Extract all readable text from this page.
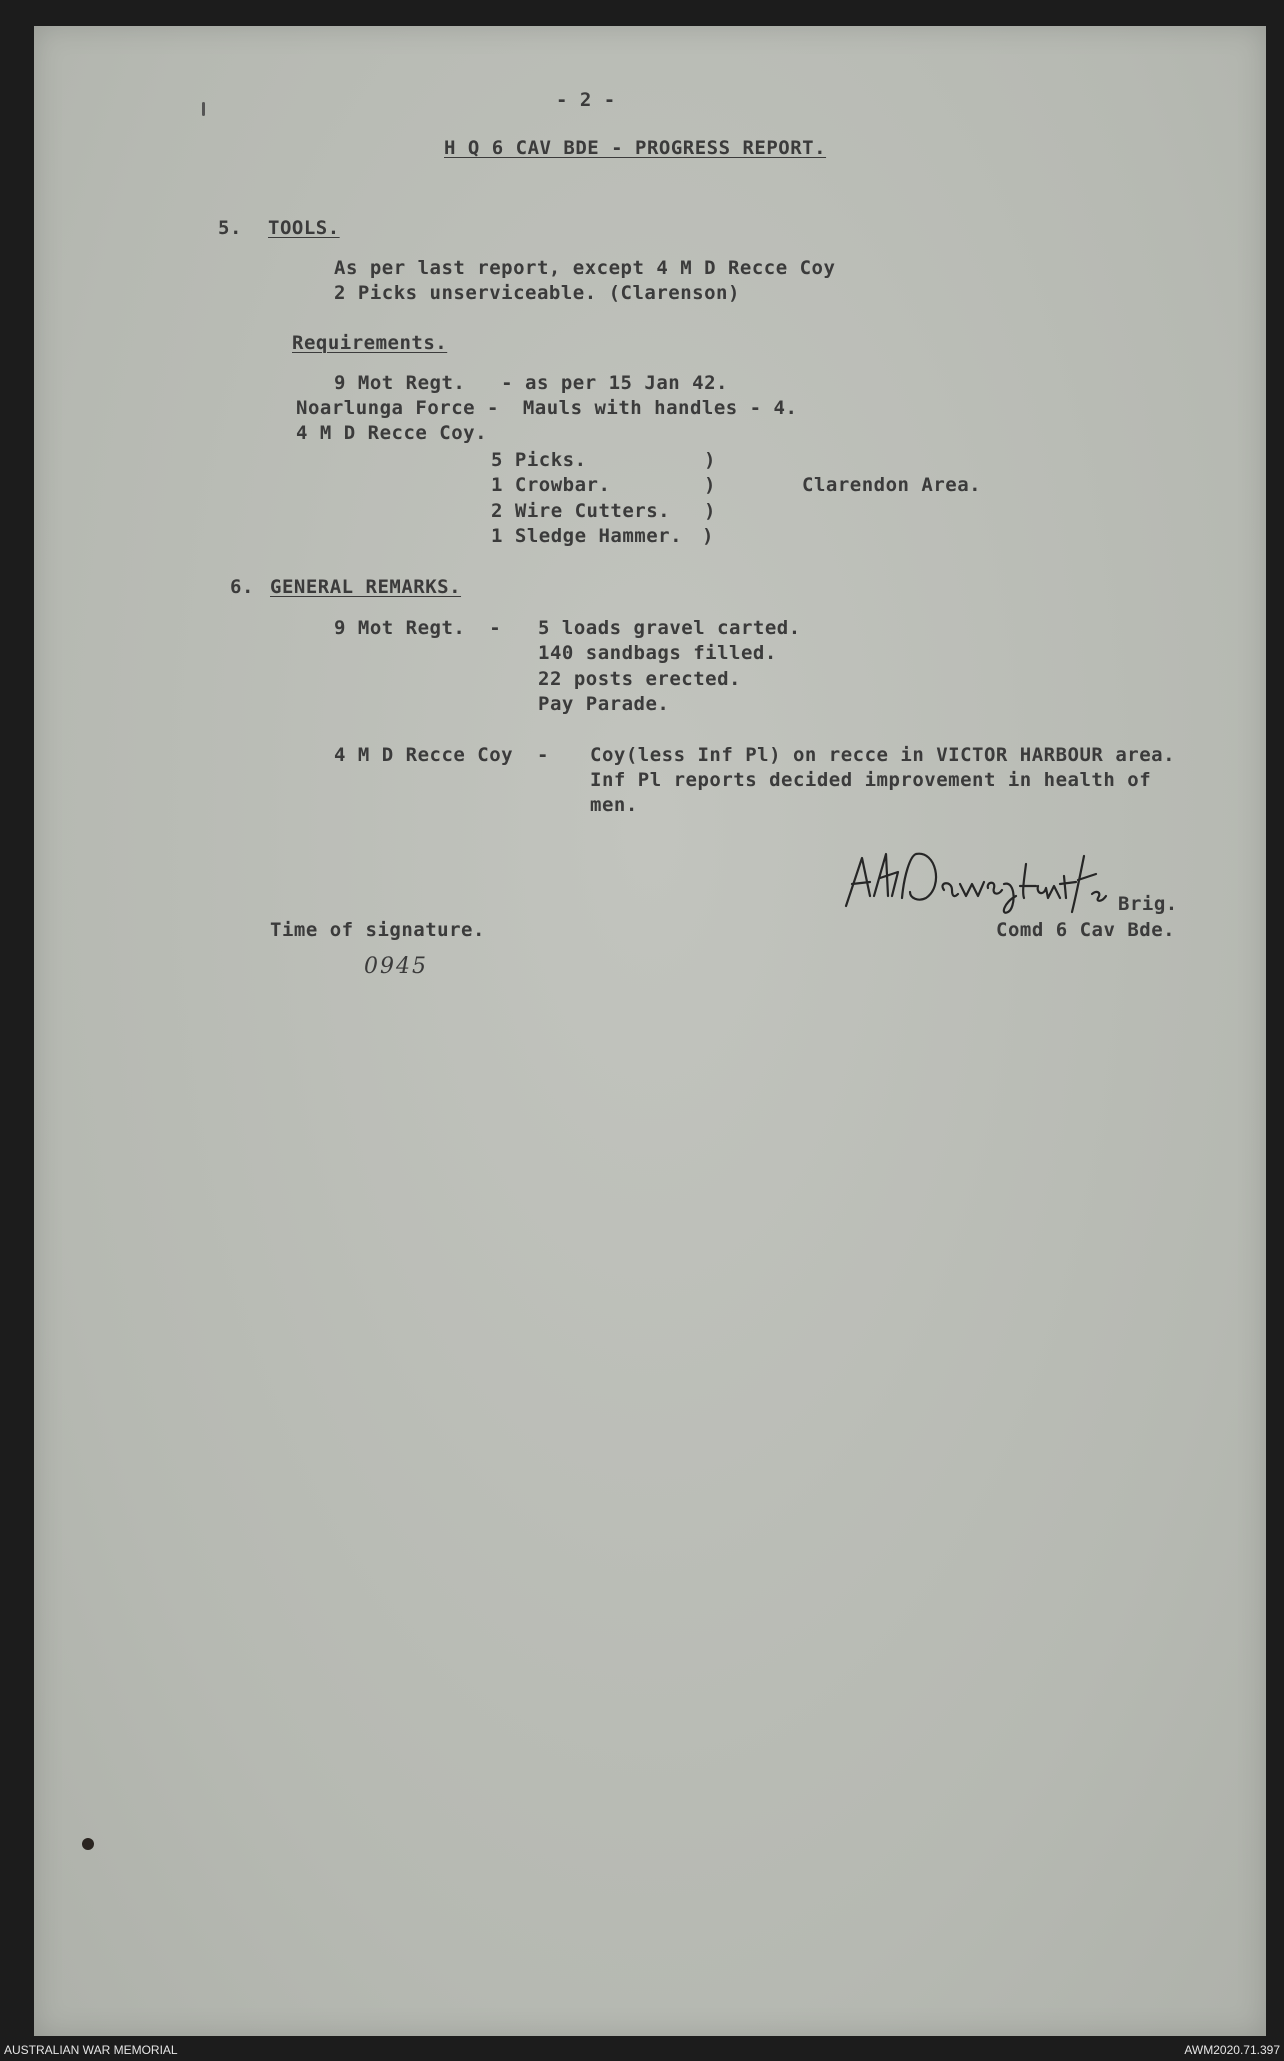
- 2 -
H Q 6 CAV BDE - PROGRESS REPORT.
5. TOOLS.
As per last report, except 4 M D Recce Coy
2 Picks unserviceable. (Clarenson)
Requirements.
9 Mot Regt.   - as per 15 Jan 42.
Noarlunga Force -  Mauls with handles - 4.
4 M D Recce Coy.
5 Picks.
1 Crowbar.
2 Wire Cutters.
1 Sledge Hammer.
)
)
)
)
Clarendon Area.
6. GENERAL REMARKS.
9 Mot Regt.  - 5 loads gravel carted.
140 sandbags filled.
22 posts erected.
Pay Parade.
4 M D Recce Coy  - Coy(less Inf Pl) on recce in VICTOR HARBOUR area.
Inf Pl reports decided improvement in health of
men.
Brig.
Comd 6 Cav Bde.
Time of signature.
0945
AUSTRALIAN WAR MEMORIAL	AWM2020.71.397
